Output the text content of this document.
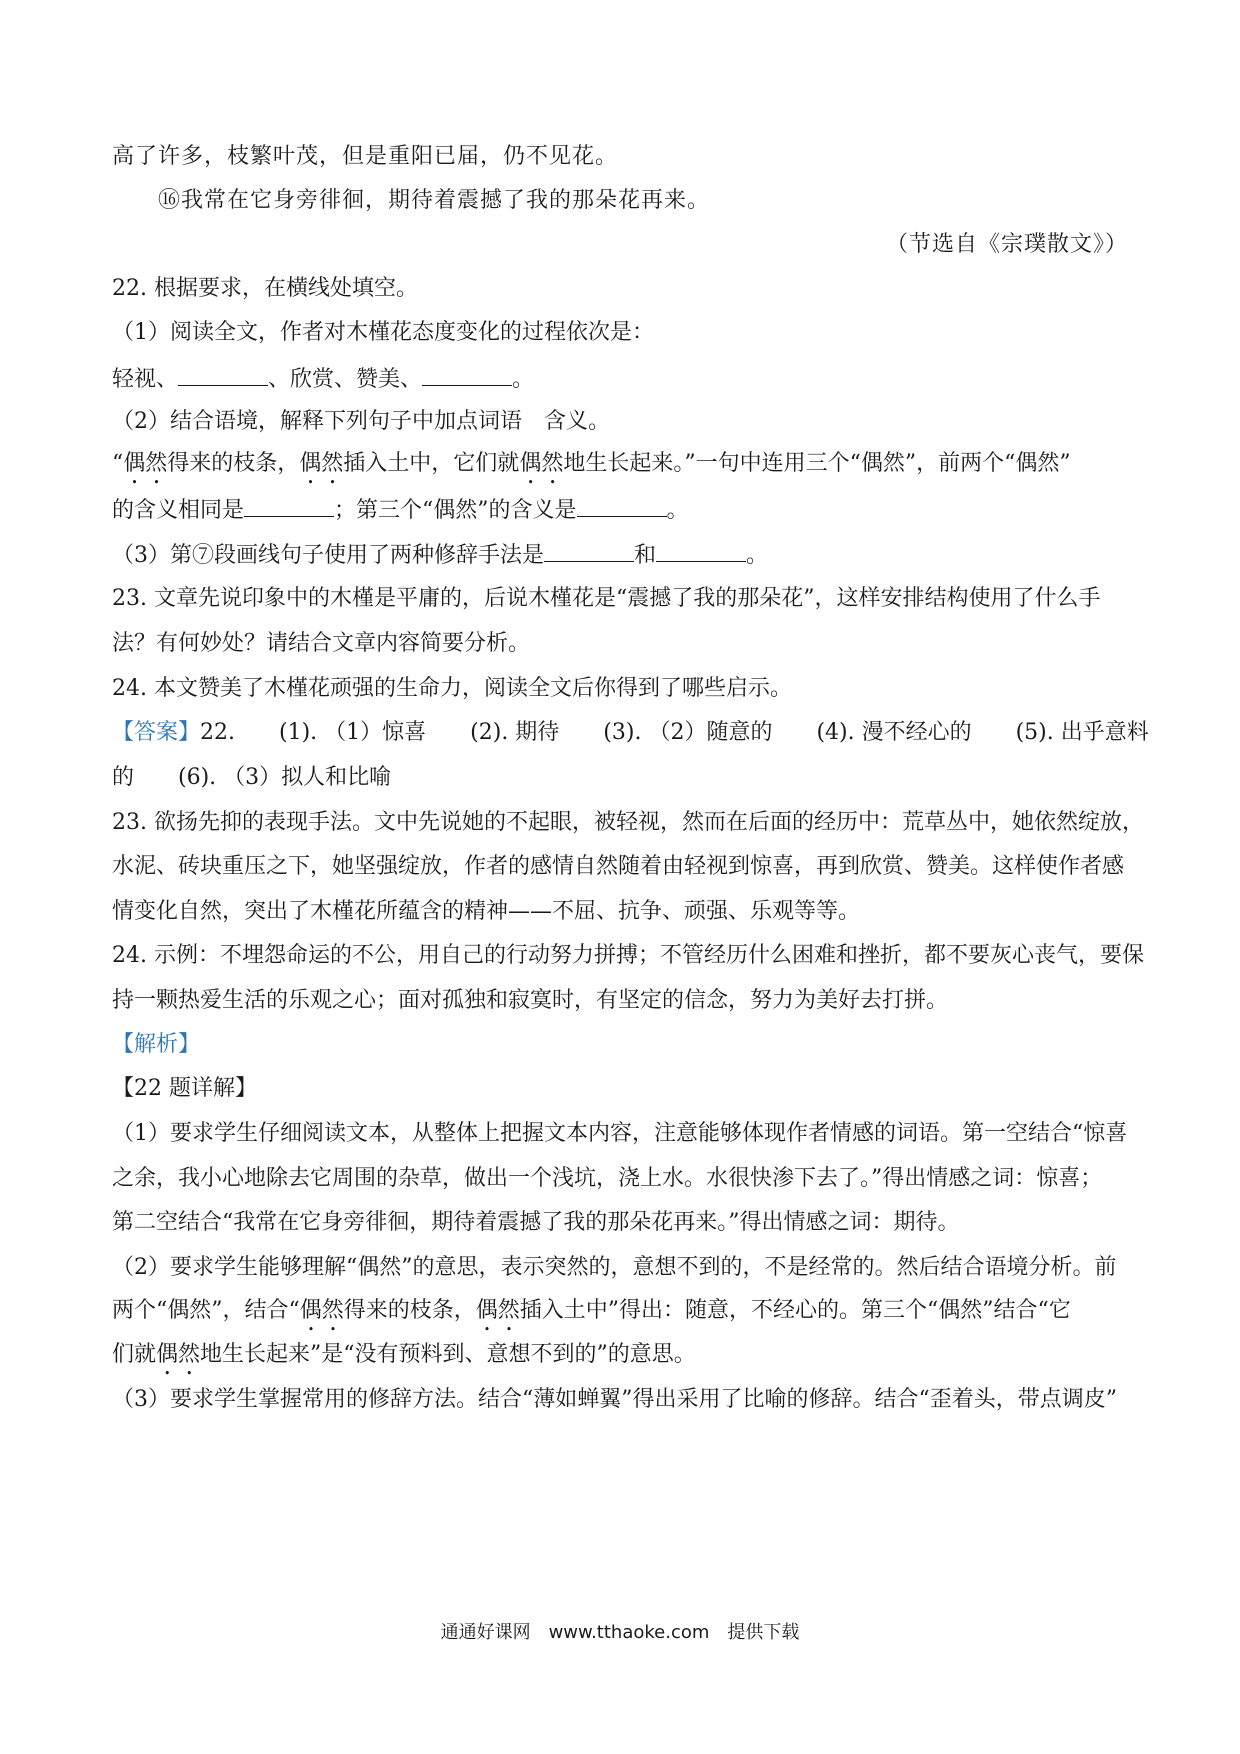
高了许多，枝繁叶茂，但是重阳已届，仍不见花。
⑯我常在它身旁徘徊，期待着震撼了我的那朵花再来。
（节选自《宗璞散文》）
22. 根据要求，在横线处填空。
（1）阅读全文，作者对木槿花态度变化的过程依次是：
轻视、	、欣赏、赞美、	。
（2）结合语境，解释下列句子中加点词语　含义。
“偶然得来的枝条，偶然插入土中，它们就偶然地生长起来。”一句中连用三个“偶然”，前两个“偶然”
的含义相同是	；第三个“偶然”的含义是	。
（3）第⑦段画线句子使用了两种修辞手法是	和	。
23. 文章先说印象中的木槿是平庸的，后说木槿花是“震撼了我的那朵花”，这样安排结构使用了什么手
法？有何妙处？请结合文章内容简要分析。
24. 本文赞美了木槿花顽强的生命力，阅读全文后你得到了哪些启示。
【答案】22.　　(1). （1）惊喜　　(2). 期待　　(3). （2）随意的　　(4). 漫不经心的　　(5). 出乎意料
的　　(6). （3）拟人和比喻
23. 欲扬先抑的表现手法。文中先说她的不起眼，被轻视，然而在后面的经历中：荒草丛中，她依然绽放，
水泥、砖块重压之下，她坚强绽放，作者的感情自然随着由轻视到惊喜，再到欣赏、赞美。这样使作者感
情变化自然，突出了木槿花所蕴含的精神——不屈、抗争、顽强、乐观等等。
24. 示例：不埋怨命运的不公，用自己的行动努力拼搏；不管经历什么困难和挫折，都不要灰心丧气，要保
持一颗热爱生活的乐观之心；面对孤独和寂寞时，有坚定的信念，努力为美好去打拼。
【解析】
【22 题详解】
（1）要求学生仔细阅读文本，从整体上把握文本内容，注意能够体现作者情感的词语。第一空结合“惊喜
之余，我小心地除去它周围的杂草，做出一个浅坑，浇上水。水很快渗下去了。”得出情感之词：惊喜；
第二空结合“我常在它身旁徘徊，期待着震撼了我的那朵花再来。”得出情感之词：期待。
（2）要求学生能够理解“偶然”的意思，表示突然的，意想不到的，不是经常的。然后结合语境分析。前
两个“偶然”，结合“偶然得来的枝条，偶然插入土中”得出：随意，不经心的。第三个“偶然”结合“它
们就偶然地生长起来”是“没有预料到、意想不到的”的意思。
（3）要求学生掌握常用的修辞方法。结合“薄如蝉翼”得出采用了比喻的修辞。结合“歪着头，带点调皮”
通通好课网　www.tthaoke.com　提供下载
